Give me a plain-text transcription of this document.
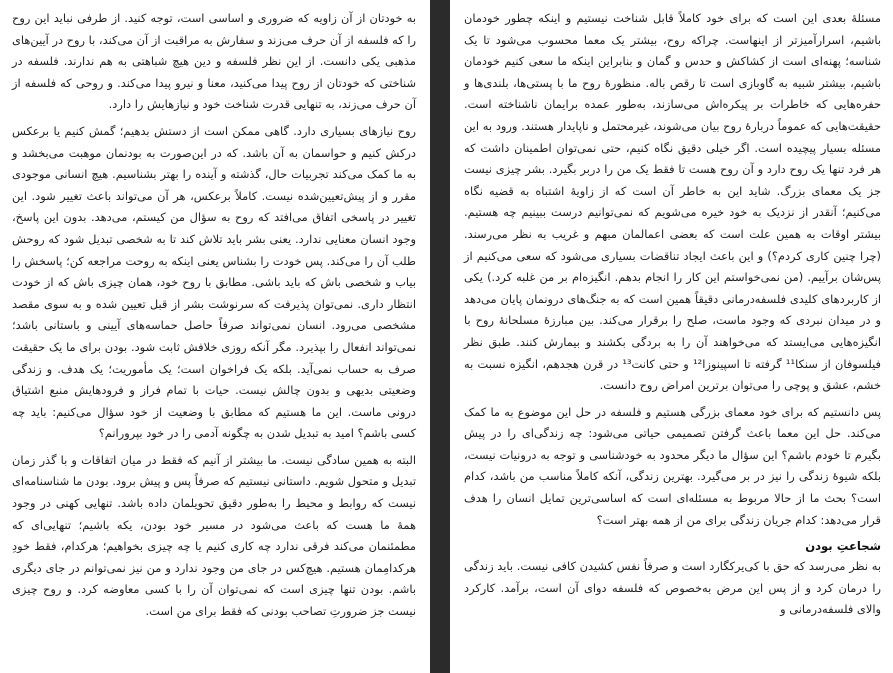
به خودتان از آن زاویه که ضروری و اساسی است، توجه کنید. از طرفی نباید این روح را که فلسفه از آن حرف می‌زند و سفارش به مراقبت از آن می‌کند، با روح در آیین‌های مذهبی یکی دانست. از این نظر فلسفه و دین هیچ شباهتی به هم ندارند. فلسفه در شناختی که خودتان از روح پیدا می‌کنید، معنا و نیرو پیدا می‌کند. و روحی که فلسفه از آن حرف می‌زند، به تنهایی قدرت شناخت خود و نیازهایش را دارد.

روح نیازهای بسیاری دارد. گاهی ممکن است از دستش بدهیم؛ گمش کنیم یا برعکس درکش کنیم و حواسمان به آن باشد. که در این‌صورت به بودنمان موهبت می‌بخشد و به ما کمک می‌کند تجربیات حال، گذشته و آینده را بهتر بشناسیم. هیچ انسانی موجودی مقرر و از پیش‌تعیین‌شده نیست. کاملاً برعکس، هر آن می‌تواند باعث تغییر شود. این تغییر در پاسخی اتفاق می‌افتد که روح به سؤال من کیستم، می‌دهد. بدون این پاسخ، وجود انسان معنایی ندارد. یعنی بشر باید تلاش کند تا به شخصی تبدیل شود که روحش طلب آن را می‌کند. پس خودت را بشناس یعنی اینکه به روحت مراجعه کن؛ پاسخش را بیاب و شخصی باش که باید باشی. مطابق با روح خود، همان چیزی باش که از خودت انتظار داری. نمی‌توان پذیرفت که سرنوشت بشر از قبل تعیین شده و به سوی مقصد مشخصی می‌رود. انسان نمی‌تواند صرفاً حاصل حماسه‌های آیینی و باستانی باشد؛ نمی‌تواند انفعال را بپذیرد. مگر آنکه روزی خلافش ثابت شود. بودن برای ما یک حقیقت صرف به حساب نمی‌آید. بلکه یک فراخوان است؛ یک مأموریت؛ یک هدف. و زندگی وضعیتی بدیهی و بدون چالش نیست. حیات با تمام فراز و فرودهایش منبع اشتیاق درونی ماست. این ما هستیم که مطابق با وضعیت از خود سؤال می‌کنیم: باید چه کسی باشم؟ امید به تبدیل شدن به چگونه آدمی را در خود بپرورانم؟

البته به همین سادگی نیست. ما بیشتر از آنیم که فقط در میان اتفاقات و با گذر زمان تبدیل و متحول شویم. داستانی نیستیم که صرفاً پس و پیش برود. بودن ما شناسنامه‌ای نیست که روابط و محیط را به‌طور دقیق تحویلمان داده باشد. تنهایی کهنی در وجود همهٔ ما هست که باعث می‌شود در مسیر خود بودن، یکه باشیم؛ تنهایی‌ای که مطمئنمان می‌کند فرقی ندارد چه کاری کنیم یا چه چیزی بخواهیم؛ هرکدام، فقط خودِ هرکدامِمان هستیم. هیچ‌کس در جای من وجود ندارد و من نیز نمی‌توانم در جای دیگری باشم. بودن تنها چیزی است که نمی‌توان آن را با کسی معاوضه کرد. و روح چیزی نیست جز ضرورتِ تصاحب بودنی که فقط برای من است.

مسئلهٔ بعدی این است که برای خود کاملاً قابل شناخت نیستیم و اینکه چطور خودمان باشیم، اسرارآمیزتر از اینهاست. چراکه روح، بیشتر یک معما محسوب می‌شود تا یک شناسه؛ پهنه‌ای است از کشاکش و حدس و گمان و بنابراین اینکه ما سعی کنیم خودمان باشیم، بیشتر شبیه به گاوبازی است تا رقص باله. منظورهٔ روح ما با پستی‌ها، بلندی‌ها و حفره‌هایی که خاطرات بر پیکره‌اش می‌سازند، به‌طور عمده برایمان ناشناخته است. حقیقت‌هایی که عموماً دربارهٔ روح بیان می‌شوند، غیرمحتمل و ناپایدار هستند. ورود به این مسئله بسیار پیچیده است. اگر خیلی دقیق نگاه کنیم، حتی نمی‌توان اطمینان داشت که هر فرد تنها یک روح دارد و آن روح هست تا فقط یک من را دربر بگیرد. بشر چیزی نیست جز یک معمای بزرگ. شاید این به خاطر آن است که از زاویهٔ اشتباه به قضیه نگاه می‌کنیم؛ آنقدر از نزدیک به خود خیره می‌شویم که نمی‌توانیم درست ببینیم چه هستیم. بیشتر اوقات به همین علت است که بعضی اعمالمان مبهم و غریب به نظر می‌رسند. (چرا چنین کاری کردم؟) و این باعث ایجاد تناقضات بسیاری می‌شود که سعی می‌کنیم از پس‌شان برآییم. (من نمی‌خواستم این کار را انجام بدهم. انگیزه‌ام بر من غلبه کرد.) یکی از کاربردهای کلیدی فلسفه‌درمانی دقیقاً همین است که به جنگ‌های درونمان پایان می‌دهد و در میدان نبردی که وجود ماست، صلح را برقرار می‌کند. بین مبارزهٔ مسلحانهٔ روح با انگیزه‌هایی می‌ایستد که می‌خواهند آن را به بردگی بکشند و بیمارش کنند. طبق نظر فیلسوفان از سنکا¹¹ گرفته تا اسپینوزا¹² و حتی کانت¹³ در قرن هجدهم، انگیزه نسبت به خشم، عشق و پوچی را می‌توان برترین امراض روح دانست.

پس دانستیم که برای خود معمای بزرگی هستیم و فلسفه در حل این موضوع به ما کمک می‌کند. حل این معما باعث گرفتن تصمیمی حیاتی می‌شود: چه زندگی‌ای را در پیش بگیرم تا خودم باشم؟ این سؤال ما دیگر محدود به خودشناسی و توجه به درونیات نیست، بلکه شیوهٔ زندگی را نیز در بر می‌گیرد. بهترین زندگی، آنکه کاملاً مناسب من باشد، کدام است؟ بحث ما از حالا مربوط به مسئله‌ای است که اساسی‌ترین تمایل انسان را هدف قرار می‌دهد: کدام جریان زندگی برای من از همه بهتر است؟

شجاعتِ بودن

به نظر می‌رسد که حق با کی‌یرکگارد است و صرفاً نفس کشیدن کافی نیست. باید زندگی را درمان کرد و از پس این مرض به‌خصوص که فلسفه دوای آن است، برآمد. کارکرد والای فلسفه‌درمانی و
